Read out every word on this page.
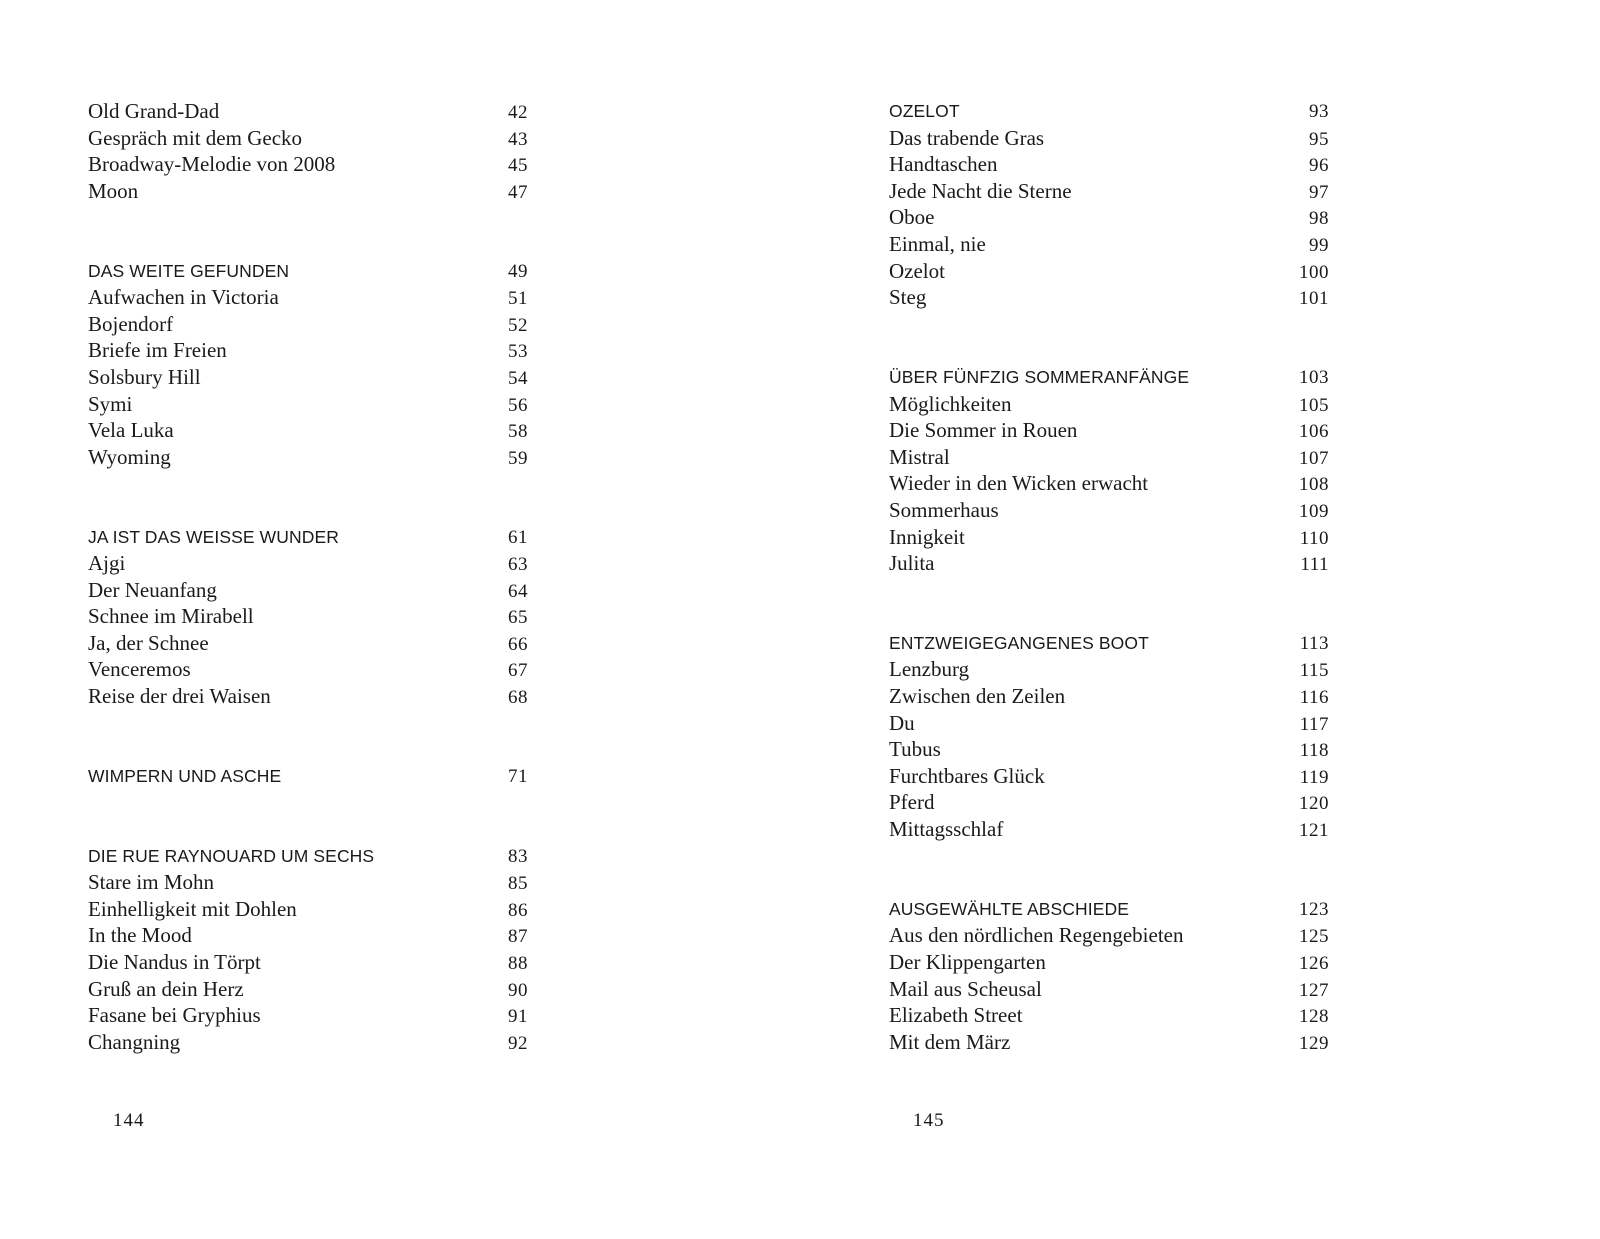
Old Grand-Dad	42
Gespräch mit dem Gecko	43
Broadway-Melodie von 2008	45
Moon	47
DAS WEITE GEFUNDEN	49
Aufwachen in Victoria	51
Bojendorf	52
Briefe im Freien	53
Solsbury Hill	54
Symi	56
Vela Luka	58
Wyoming	59
JA IST DAS WEISSE WUNDER	61
Ajgi	63
Der Neuanfang	64
Schnee im Mirabell	65
Ja, der Schnee	66
Venceremos	67
Reise der drei Waisen	68
WIMPERN UND ASCHE	71
DIE RUE RAYNOUARD UM SECHS	83
Stare im Mohn	85
Einhelligkeit mit Dohlen	86
In the Mood	87
Die Nandus in Törpt	88
Gruß an dein Herz	90
Fasane bei Gryphius	91
Changning	92
OZELOT	93
Das trabende Gras	95
Handtaschen	96
Jede Nacht die Sterne	97
Oboe	98
Einmal, nie	99
Ozelot	100
Steg	101
ÜBER FÜNFZIG SOMMERANFÄNGE	103
Möglichkeiten	105
Die Sommer in Rouen	106
Mistral	107
Wieder in den Wicken erwacht	108
Sommerhaus	109
Innigkeit	110
Julita	111
ENTZWEIGEGANGENES BOOT	113
Lenzburg	115
Zwischen den Zeilen	116
Du	117
Tubus	118
Furchtbares Glück	119
Pferd	120
Mittagsschlaf	121
AUSGEWÄHLTE ABSCHIEDE	123
Aus den nördlichen Regengebieten	125
Der Klippengarten	126
Mail aus Scheusal	127
Elizabeth Street	128
Mit dem März	129
144	145
